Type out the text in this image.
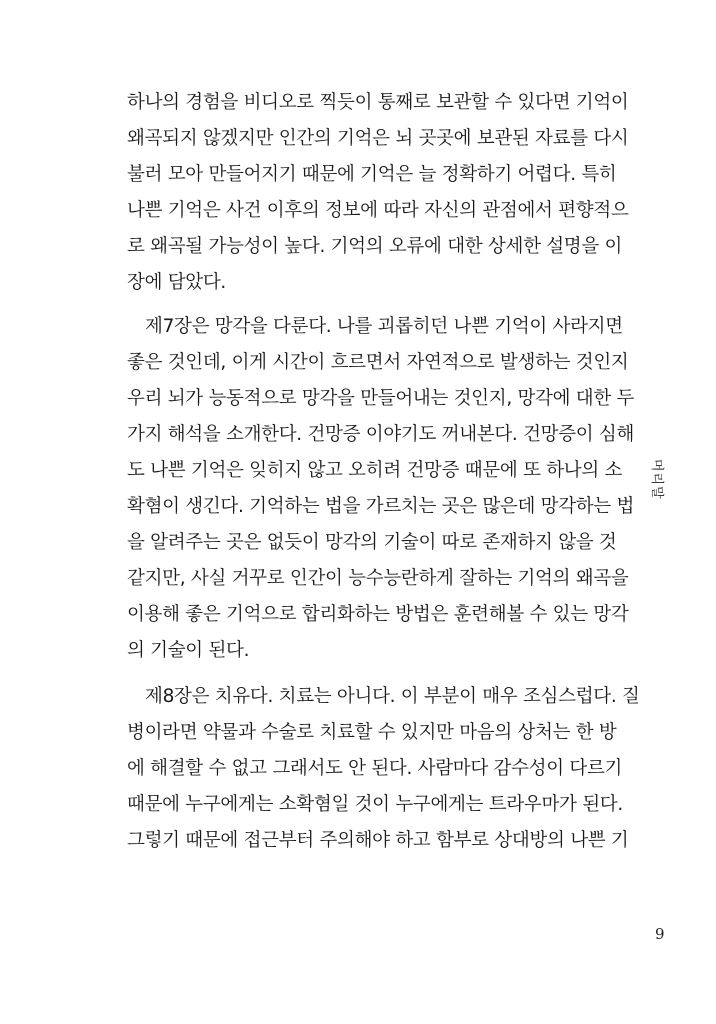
하나의 경험을 비디오로 찍듯이 통째로 보관할 수 있다면 기억이
왜곡되지 않겠지만 인간의 기억은 뇌 곳곳에 보관된 자료를 다시
불러 모아 만들어지기 때문에 기억은 늘 정확하기 어렵다. 특히
나쁜 기억은 사건 이후의 정보에 따라 자신의 관점에서 편향적으
로 왜곡될 가능성이 높다. 기억의 오류에 대한 상세한 설명을 이
장에 담았다.
제7장은 망각을 다룬다. 나를 괴롭히던 나쁜 기억이 사라지면
좋은 것인데, 이게 시간이 흐르면서 자연적으로 발생하는 것인지
우리 뇌가 능동적으로 망각을 만들어내는 것인지, 망각에 대한 두
가지 해석을 소개한다. 건망증 이야기도 꺼내본다. 건망증이 심해
도 나쁜 기억은 잊히지 않고 오히려 건망증 때문에 또 하나의 소
확혐이 생긴다. 기억하는 법을 가르치는 곳은 많은데 망각하는 법
을 알려주는 곳은 없듯이 망각의 기술이 따로 존재하지 않을 것
같지만, 사실 거꾸로 인간이 능수능란하게 잘하는 기억의 왜곡을
이용해 좋은 기억으로 합리화하는 방법은 훈련해볼 수 있는 망각
의 기술이 된다.
제8장은 치유다. 치료는 아니다. 이 부분이 매우 조심스럽다. 질
병이라면 약물과 수술로 치료할 수 있지만 마음의 상처는 한 방
에 해결할 수 없고 그래서도 안 된다. 사람마다 감수성이 다르기
때문에 누구에게는 소확혐일 것이 누구에게는 트라우마가 된다.
그렇기 때문에 접근부터 주의해야 하고 함부로 상대방의 나쁜 기
머리말
9
